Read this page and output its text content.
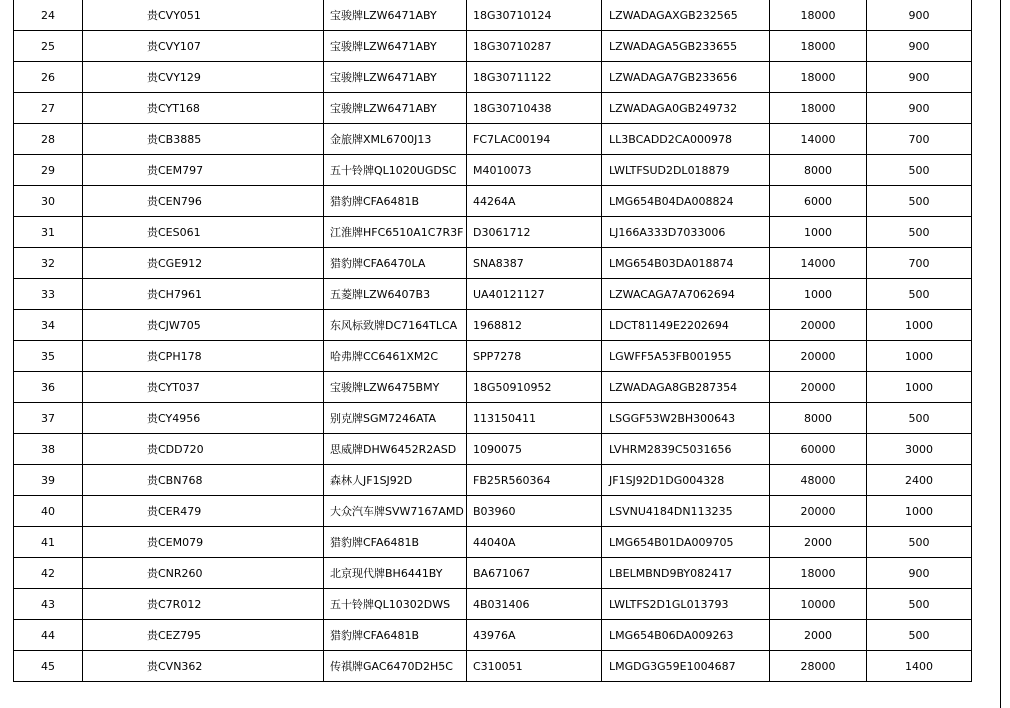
24	贵CVY051	宝骏牌LZW6471ABY	18G30710124	LZWADAGAXGB232565	18000	900
25	贵CVY107	宝骏牌LZW6471ABY	18G30710287	LZWADAGA5GB233655	18000	900
26	贵CVY129	宝骏牌LZW6471ABY	18G30711122	LZWADAGA7GB233656	18000	900
27	贵CYT168	宝骏牌LZW6471ABY	18G30710438	LZWADAGA0GB249732	18000	900
28	贵CB3885	金旅牌XML6700J13	FC7LAC00194	LL3BCADD2CA000978	14000	700
29	贵CEM797	五十铃牌QL1020UGDSC	M4010073	LWLTFSUD2DL018879	8000	500
30	贵CEN796	猎豹牌CFA6481B	44264A	LMG654B04DA008824	6000	500
31	贵CES061	江淮牌HFC6510A1C7R3F	D3061712	LJ166A333D7033006	1000	500
32	贵CGE912	猎豹牌CFA6470LA	SNA8387	LMG654B03DA018874	14000	700
33	贵CH7961	五菱牌LZW6407B3	UA40121127	LZWACAGA7A7062694	1000	500
34	贵CJW705	东风标致牌DC7164TLCA	1968812	LDCT81149E2202694	20000	1000
35	贵CPH178	哈弗牌CC6461XM2C	SPP7278	LGWFF5A53FB001955	20000	1000
36	贵CYT037	宝骏牌LZW6475BMY	18G50910952	LZWADAGA8GB287354	20000	1000
37	贵CY4956	别克牌SGM7246ATA	113150411	LSGGF53W2BH300643	8000	500
38	贵CDD720	思威牌DHW6452R2ASD	1090075	LVHRM2839C5031656	60000	3000
39	贵CBN768	森林人JF1SJ92D	FB25R560364	JF1SJ92D1DG004328	48000	2400
40	贵CER479	大众汽车牌SVW7167AMD	B03960	LSVNU4184DN113235	20000	1000
41	贵CEM079	猎豹牌CFA6481B	44040A	LMG654B01DA009705	2000	500
42	贵CNR260	北京现代牌BH6441BY	BA671067	LBELMBND9BY082417	18000	900
43	贵C7R012	五十铃牌QL10302DWS	4B031406	LWLTFS2D1GL013793	10000	500
44	贵CEZ795	猎豹牌CFA6481B	43976A	LMG654B06DA009263	2000	500
45	贵CVN362	传祺牌GAC6470D2H5C	C310051	LMGDG3G59E1004687	28000	1400
